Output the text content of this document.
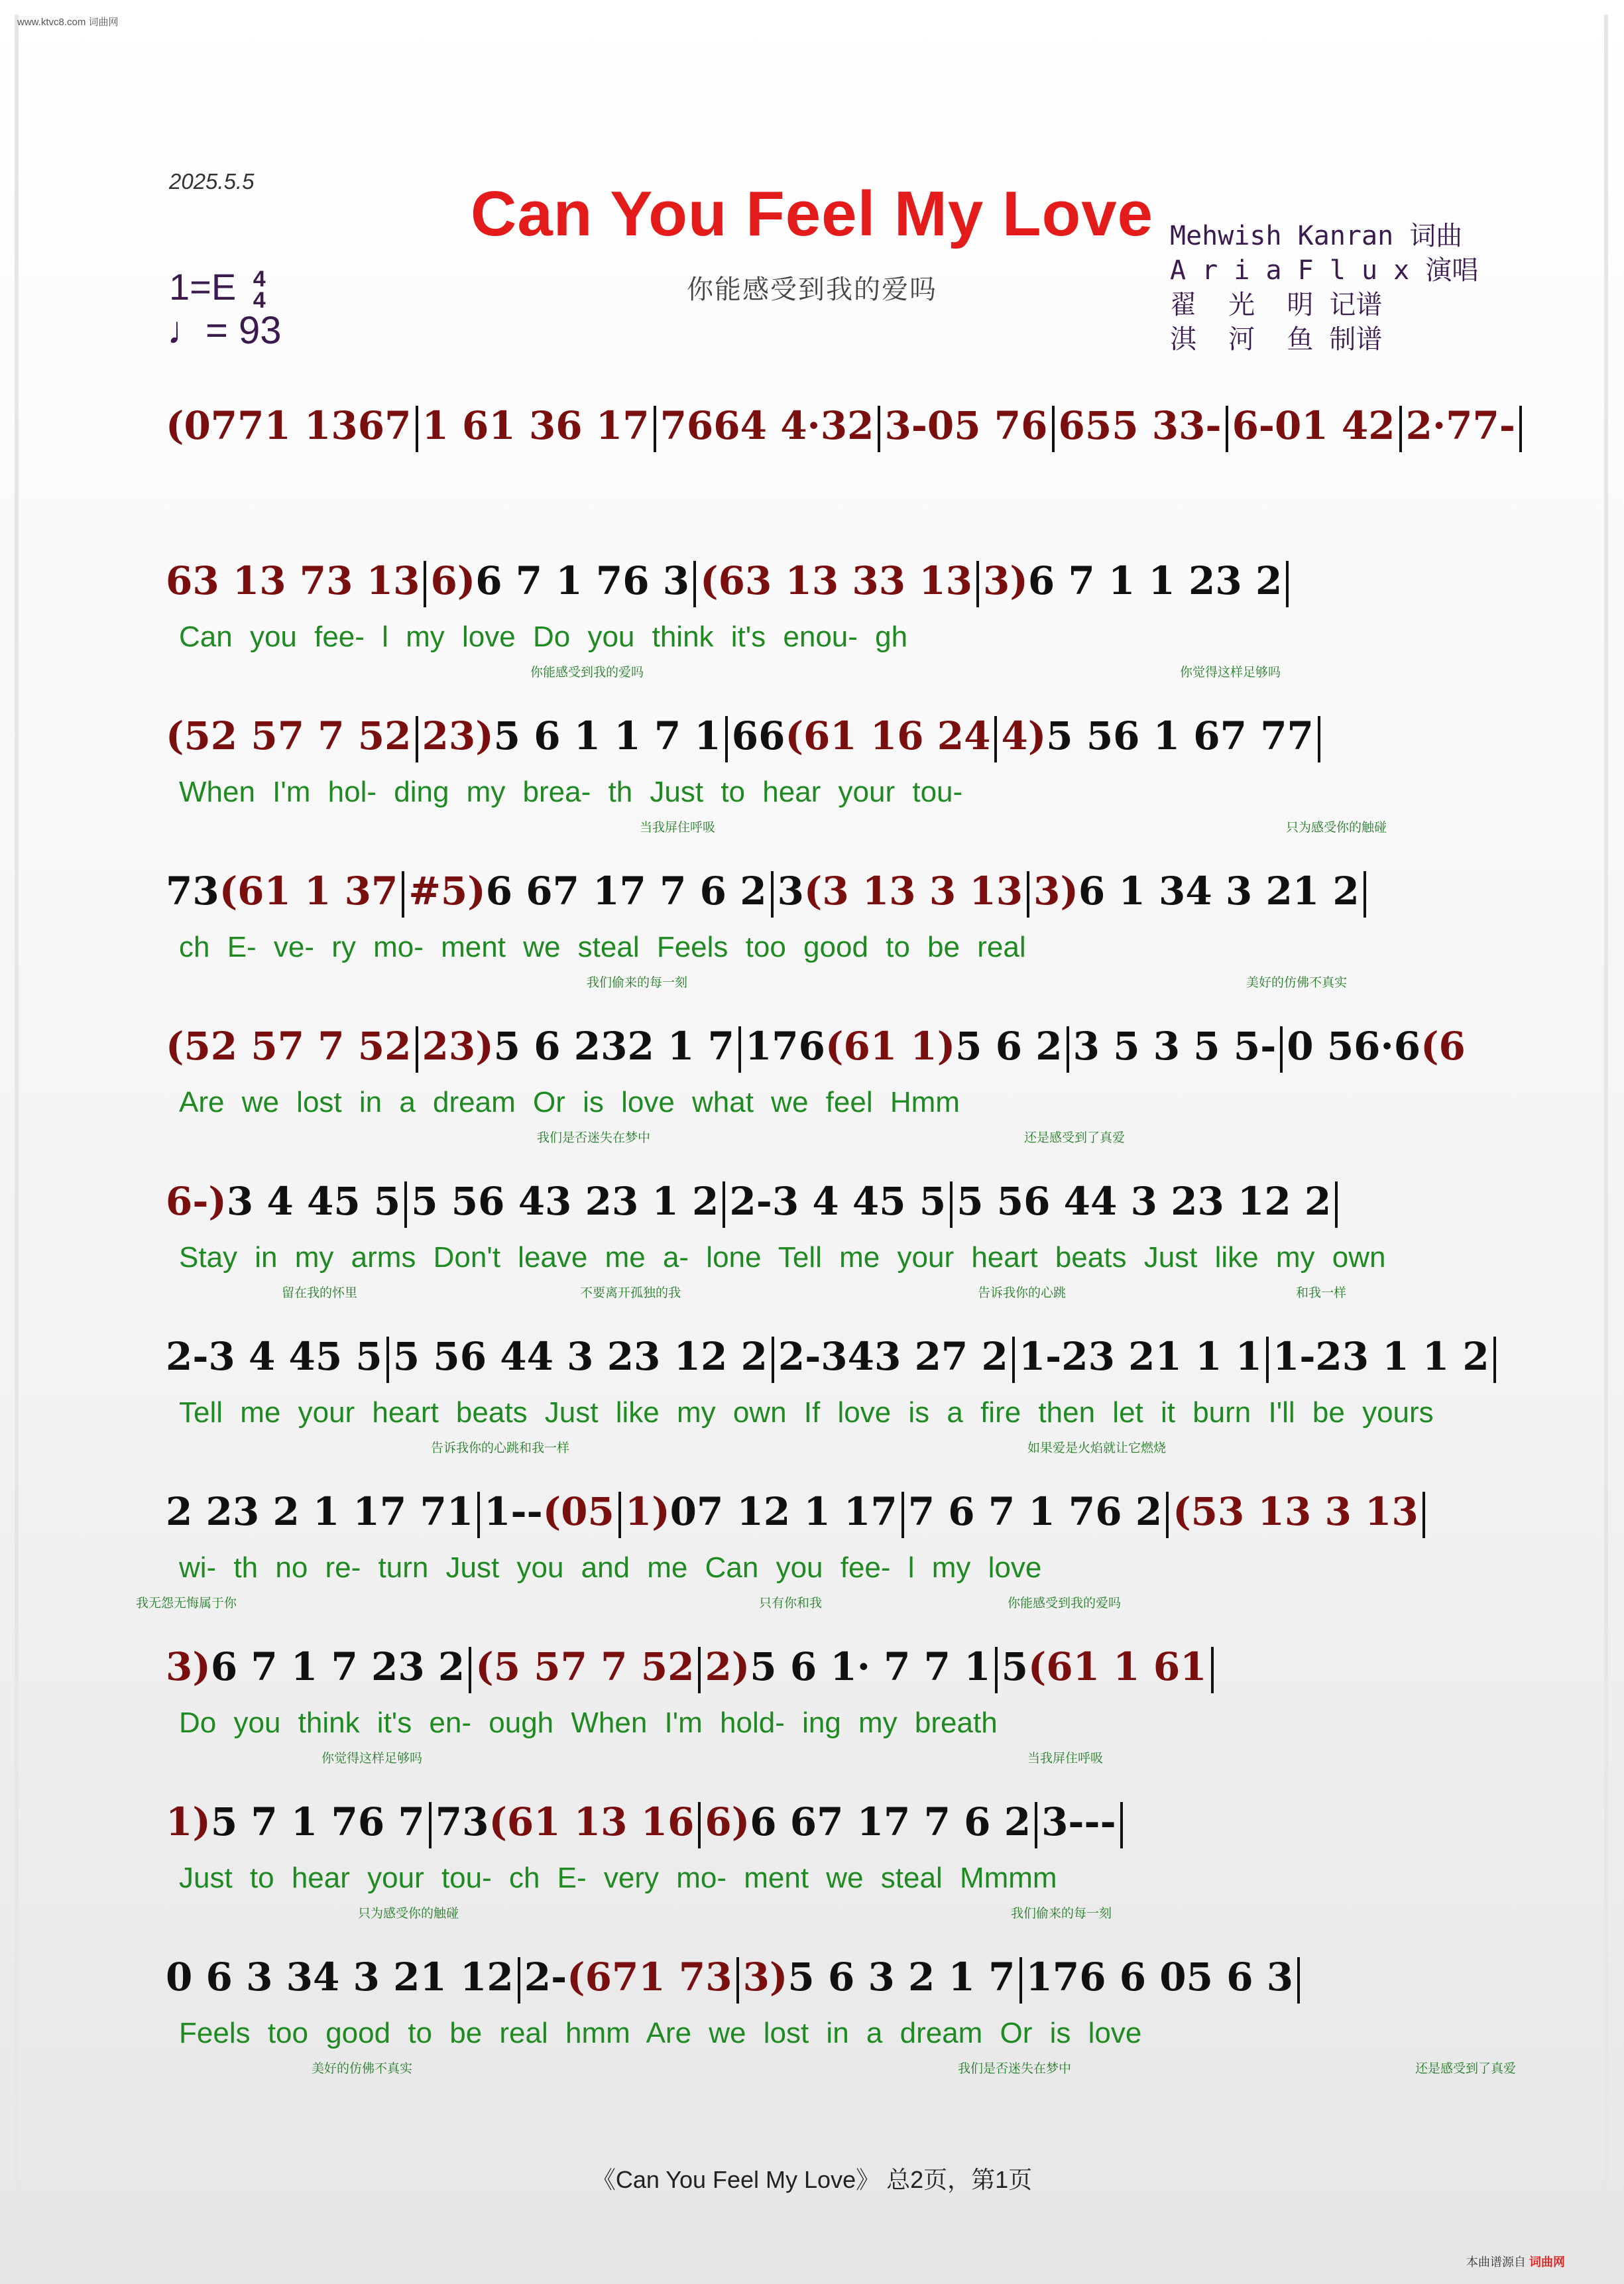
www.ktvc8.com 词曲网
2025.5.5	Can You Feel My Love
你能感受到我的爱吗
1=E 4
4
♩= 93
Mehwish Kanran 词曲
A r i a F l u x 演唱
翟  光  明 记谱
淇  河  鱼 制谱
(0771 1367 1 61 36 17 7664 4·32 3-05 76 655 33- 6-01 42 2·77-
63 13 73 13 6)6 7 1 76 3 (63 13 33 13 3)6 7 1 1 23 2
Can you fee- l my love Do you think it's enou- gh
你能感受到我的爱吗	你觉得这样足够吗
(52 57 7 52 23)5 6 1 1 7 1 66(61 16 24 4)5 56 1 67 77
When I'm hol- ding my brea- th Just to hear your tou-
当我屏住呼吸	只为感受你的触碰
73(61 1 37 #5)6 67 17 7 6 2 3(3 13 3 13 3)6 1 34 3 21 2
ch E- ve- ry mo- ment we steal Feels too good to be real
我们偷来的每一刻	美好的仿佛不真实
(52 57 7 52 23)5 6 232 1 7 176(61 1)5 6 2 3 5 3 5 5- 0 56·6(6
Are we lost in a dream Or is love what we feel Hmm
我们是否迷失在梦中	还是感受到了真爱
6-)3 4 45 5 5 56 43 23 1 2 2-3 4 45 5 5 56 44 3 23 12 2
Stay in my arms Don't leave me a- lone Tell me your heart beats Just like my own
留在我的怀里	不要离开孤独的我	告诉我你的心跳	和我一样
2-3 4 45 5 5 56 44 3 23 12 2 2-343 27 2 1-23 21 1 1 1-23 1 1 2
Tell me your heart beats Just like my own If love is a fire then let it burn I'll be yours
告诉我你的心跳和我一样	如果爱是火焰就让它燃烧
2 23 2 1 17 71 1--(05 1)07 12 1 17 7 6 7 1 76 2 (53 13 3 13
wi- th no re- turn Just you and me Can you fee- l my love
我无怨无悔属于你	只有你和我	你能感受到我的爱吗
3)6 7 1 7 23 2 (5 57 7 52 2)5 6 1· 7 7 1 5(61 1 61
Do you think it's en- ough When I'm hold- ing my breath
你觉得这样足够吗	当我屏住呼吸
1)5 7 1 76 7 73(61 13 16 6)6 67 17 7 6 2 3---
Just to hear your tou- ch E- very mo- ment we steal Mmmm
只为感受你的触碰	我们偷来的每一刻
0 6 3 34 3 21 12 2-(671 73 3)5 6 3 2 1 7 176 6 05 6 3
Feels too good to be real hmm Are we lost in a dream Or is love
美好的仿佛不真实	我们是否迷失在梦中	还是感受到了真爱
《Can You Feel My Love》 总2页，第1页
本曲谱源自 词曲网
